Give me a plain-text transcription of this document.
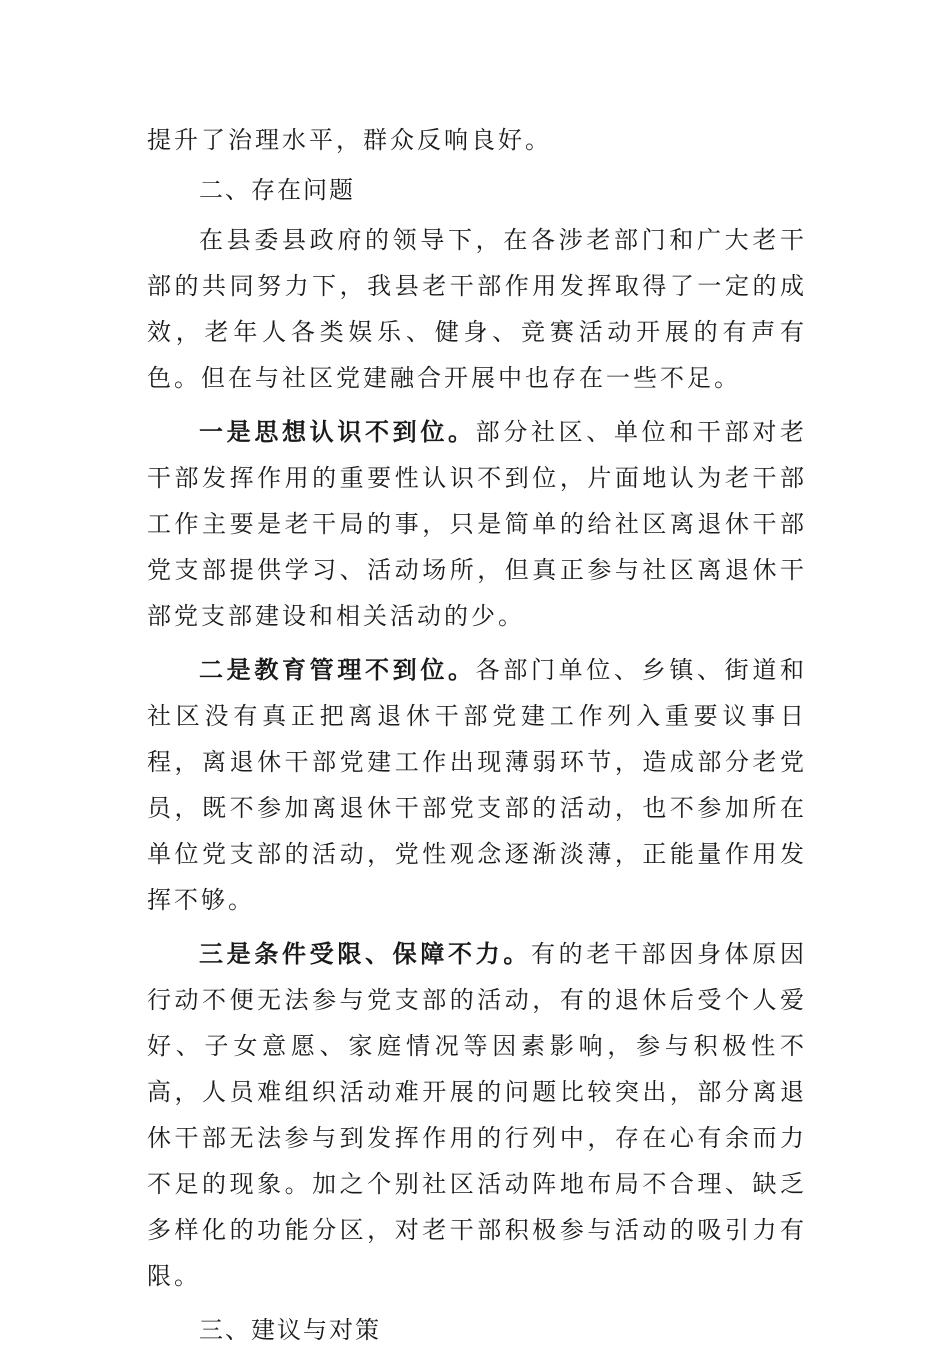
提升了治理水平，群众反响良好。

二、存在问题

在县委县政府的领导下，在各涉老部门和广大老干部的共同努力下，我县老干部作用发挥取得了一定的成效，老年人各类娱乐、健身、竞赛活动开展的有声有色。但在与社区党建融合开展中也存在一些不足。

一是思想认识不到位。部分社区、单位和干部对老干部发挥作用的重要性认识不到位，片面地认为老干部工作主要是老干局的事，只是简单的给社区离退休干部党支部提供学习、活动场所，但真正参与社区离退休干部党支部建设和相关活动的少。

二是教育管理不到位。各部门单位、乡镇、街道和社区没有真正把离退休干部党建工作列入重要议事日程，离退休干部党建工作出现薄弱环节，造成部分老党员，既不参加离退休干部党支部的活动，也不参加所在单位党支部的活动，党性观念逐渐淡薄，正能量作用发挥不够。

三是条件受限、保障不力。有的老干部因身体原因行动不便无法参与党支部的活动，有的退休后受个人爱好、子女意愿、家庭情况等因素影响，参与积极性不高，人员难组织活动难开展的问题比较突出，部分离退休干部无法参与到发挥作用的行列中，存在心有余而力不足的现象。加之个别社区活动阵地布局不合理、缺乏多样化的功能分区，对老干部积极参与活动的吸引力有限。

三、建议与对策
